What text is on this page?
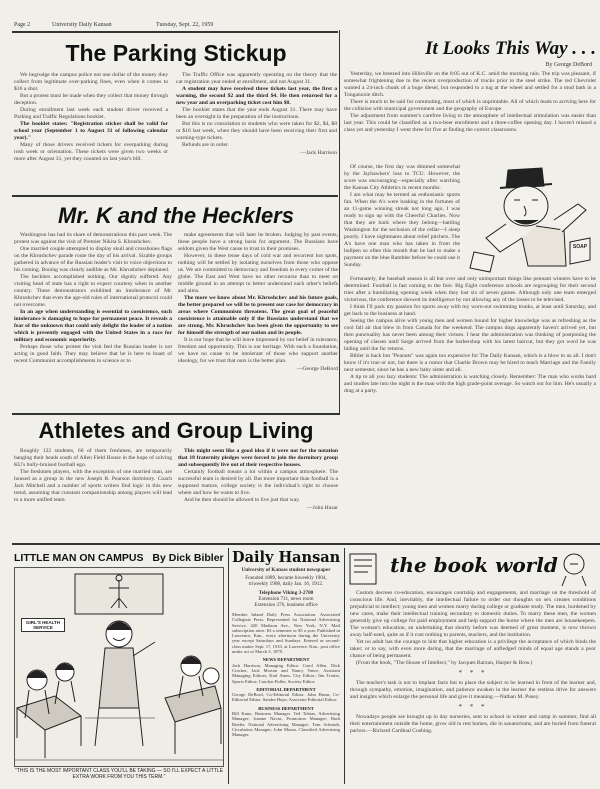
Page 2	University Daily Kansan	Tuesday, Sept. 22, 1959
The Parking Stickup

We begrudge the campus police not one dollar of the money they collect from legitimate over-parking fines, even when it comes to $16 a shot.

But a protest must be made when they collect that money through deception.

During enrollment last week each student driver received a Parking and Traffic Regulations booklet.

The booklet states: "Registration sticker shall be valid for school year (September 1 to August 31 of following calendar year)."

Many of those drivers received tickets for overparking during rush week or orientation. These tickets were given two weeks or more after August 31, yet they counted on last year's bill.

The Traffic Office was apparently operating on the theory that the car registration year ended at enrollment, and not August 31.

A student may have received three tickets last year, the first a warning, the second $2 and the third $4. He then returned for a new year and an overparking ticket cost him $8.

The booklet states that the year ends August 31. There may have been an oversight in the preparation of the instructions.

But this is no consolation to students who were taken for $2, $4, $8 or $16 last week, when they should have been receiving their first and warning-type tickets.

Refunds are in order.

—Jack Harrison
Mr. K and the Hecklers

Washington has had its share of demonstrations this past week. The protest was against the visit of Premier Nikita S. Khrushchev.

One married couple attempted to display skull and crossbones flags on the Khrushchev parade route the day of his arrival. Sizable groups gathered in advance of the Russian leader's visit to voice objections to his coming. Booing was clearly audible as Mr. Khrushchev deplaned.

The hecklers accomplished nothing. Our dignity suffered. Any visiting head of state has a right to expect courtesy when in another country. These demonstrators exhibited an intolerance of Mr. Khrushchev that even the age-old rules of international protocol could not overcome.

In an age when understanding is essential to coexistence, such intolerance is damaging to hope for permanent peace. It reveals a fear of the unknown that could only delight the leader of a nation which is presently engaged with the United States in a race for military and economic superiority.

Perhaps those who protest the visit feel the Russian leader is not acting in good faith. They may believe that he is here to boast of recent Communist accomplishments in science or to

make agreements that will later be broken. Judging by past events, these people have a strong basis for argument. The Russians have seldom given the West cause to trust in their promises.

However, in these tense days of cold war and recurrent hot spots, nothing will be settled by isolating ourselves from those who oppose us. We are committed to democracy and freedom in every corner of the globe. The East and West have no other recourse than to meet on middle ground in an attempt to better understand each other's beliefs and aims.

The more we know about Mr. Khrushchev and his future goals, the better prepared we will be to present our case for democracy in areas where Communism threatens. The great goal of peaceful coexistence is attainable only if the Russians understand that we are strong. Mr. Khrushchev has been given the opportunity to see for himself the strength of our nation and its people.

It is our hope that he will leave impressed by our belief in tolerance, freedom and opportunity. This is our heritage. With such a foundation, we have no cause to be intolerant of those who support another ideology, for we trust that ours is the better plan.

—George DeBord
Athletes and Group Living

Roughly 122 students, 60 of them freshmen, are temporarily banging their heads south of Allen Field House in the hope of solving KU's bully-bruised football ego.

The freshmen players, with the exception of one married man, are housed as a group in the new Joseph R. Pearson dormitory. Coach Jack Mitchell and a number of sports writers find logic in this new trend, assuming that constant companionship among players will lead to a more unified team.

This might seem like a good idea if it were not for the notation that 18 fraternity pledges were forced to join the dormitory group and subsequently live out of their respective houses.

Certainly football means a lot within a campus atmosphere. The successful team is desired by all. But more important than football is a supposed mature, college society is the individual's right to choose where and how he wants to live.

And he then should be allowed to live just that way.

—John Husar
LITTLE MAN ON CAMPUS By Dick Bibler
GIRL'S HEALTH SERVICE
"THIS IS THE MOST IMPORTANT CLASS YOU'LL BE TAKING — SO I'LL EXPECT A LITTLE EXTRA WORK FROM YOU THIS TERM."
Daily Hansan
University of Kansas student newspaper
Founded 1889, became biweekly 1904,
triweekly 1908, daily Jan. 16, 1912.
Telephone Viking 3-2700
Extension 711, news room
Extension 376, business office

Member Inland Daily Press Association. Associated Collegiate Press. Represented for National Advertising Service, 420 Madison Ave., New York, N.Y. Mail subscription rates: $3 a semester or $5 a year. Published in Lawrence, Kan., every afternoon during the University year except Saturdays and Sundays. Entered as second-class matter Sept. 17, 1910, at Lawrence, Kan., post office under act of March 3, 1879.

NEWS DEPARTMENT

Jack Harrison, Managing Editor. Carol Allen, Dick Crocker, Jack Morton and Nancy Vance, Assistant Managing Editors; Karl Ames, City Editor; Jim Trotter, Sports Editor; Carolyn Fuller, Society Editor.

EDITORIAL DEPARTMENT

George DeBord, Co-Editorial Editor. John Husar, Co-Editorial Editor. Sandra Hayn, Associate Editorial Editor.

BUSINESS DEPARTMENT

Bill Kunz, Business Manager. Ted Tobias, Advertising Manager; Joanne Navas, Promotion Manager; Ruth Rieder, National Advertising Manager; Tom Schmidt, Circulation Manager; John Massa, Classified Advertising Manager.

It Looks This Way . . .
By George DeBord

Yesterday, we breezed into Hillsville on the 8:05 out of K.C. amid the morning rain. The trip was pleasant, if somewhat frightening due to the recent overproduction of trucks prior to the steel strike. The red Chevrolet wanted a 24-inch chunk of a huge diesel, but responded to a tug at the wheel and settled for a mud bath in a Tonganoxie ditch.

There is much to be said for commuting, most of which is unprintable. All of which leads to arriving here for the collision with municipal government and the geography of Europe.

The adjustment from summer's carefree living to the atmosphere of intellectual stimulation was easier than last year. This could be classified as a two-beer enrollment and a three-coffee opening day. I haven't missed a class yet and yesterday I went three for five at finding the correct classrooms.

Of course, the first day was dimmed somewhat by the Jayhawkers' loss to TCU. However, the score was encouraging—especially after watching the Kansas City Athletics in recent months.

I am what may be termed an enthusiastic sports fan. When the A's were basking in the fortunes of an 11-game winning streak not long ago, I was ready to sign up with the Cheerful Charlies. Now that they are back where they belong—battling Washington for the seclusion of the cellar—I sleep poorly. I have nightmares about relief pitchers. The A's have one man who has taken in from the bullpen so often this month that he had to make a payment on the blue Rambler before he could use it Sunday.

SOAP

Fortunately, the baseball season is all but over and only unimportant things like pennant winners have to be determined. Football is fast coming to the fore. Big Eight conference schools are regrouping for their second tries after a humiliating opening week when they lost six of seven games. Although only one team emerged victorious, the conference showed its intelligence by not allowing any of the losses to be televised.

I think I'll pack my passion for sports away with my worn-out swimming trunks, at least until Saturday, and get back to the business at hand.

Seeing the campus alive with young men and women bound for higher knowledge was as refreshing as the cool fall air that blew in from Canada for the weekend. The campus dogs apparently haven't arrived yet, but then punctuality has never been among their virtues. I hear the administration was thinking of postponing the opening of classes until Sarge arrived from the barbershop with his latest haircut, but they got word he was hiding until the fur returns.

Bibler is back but "Peanuts" was again too expensive for The Daily Kansan, which is a blow to us all. I don't know if it's true or not, but there is a rumor that Charlie Brown may be hired to teach Marriage and the Family next semester, since he has a new baby sister and all.

A tip to all you lazy students: The administration is watching closely. Remember: The man who works hard and studies late into the night is the man with the high grade-point average. So watch out for him. He's usually a drag at a party.

the book world

Custom decrees co-education, encourages courtship and engagements, and marriage on the threshold of conscious life. And, inevitably, the intellectual failure to order our thoughts on sex creates conditions prejudicial to intellect; young men and women marry during college or graduate study. The men, burdened by new cares, make their intellectual training secondary to domestic duties. To marry these men, the women generally give up college for paid employment and help support the home where the men are housekeepers. The woman's education, an undertaking that shortly before was deemed of great moment, is now thrown away half-used, quite as if it cost nothing to parents, teachers, and the institution.

Yet no adult has the courage to hint that higher education is a privilege the acceptance of which binds the taker; or to say, with even more daring, that the marriage of unfledged minds of equal age stands a poor chance of being permanent.

(From the book, "The House of Intellect," by Jacques Barzun, Harper & Bros.)

* * *

The teacher's task is not to implant facts but to place the subject to be learned in front of the learner and, through sympathy, emotion, imagination, and patience awaken in the learner the restless drive for answers and insights which enlarge the personal life and give it meaning.—Nathan M. Pusey.

* * *

Nowadays people are brought up in day nurseries, sent to school in winter and camp in summer, find all their entertainment outside the home, grow old in rest homes, die in sanatoriums, and are buried from funeral parlors.—Richard Cardinal Cushing.
